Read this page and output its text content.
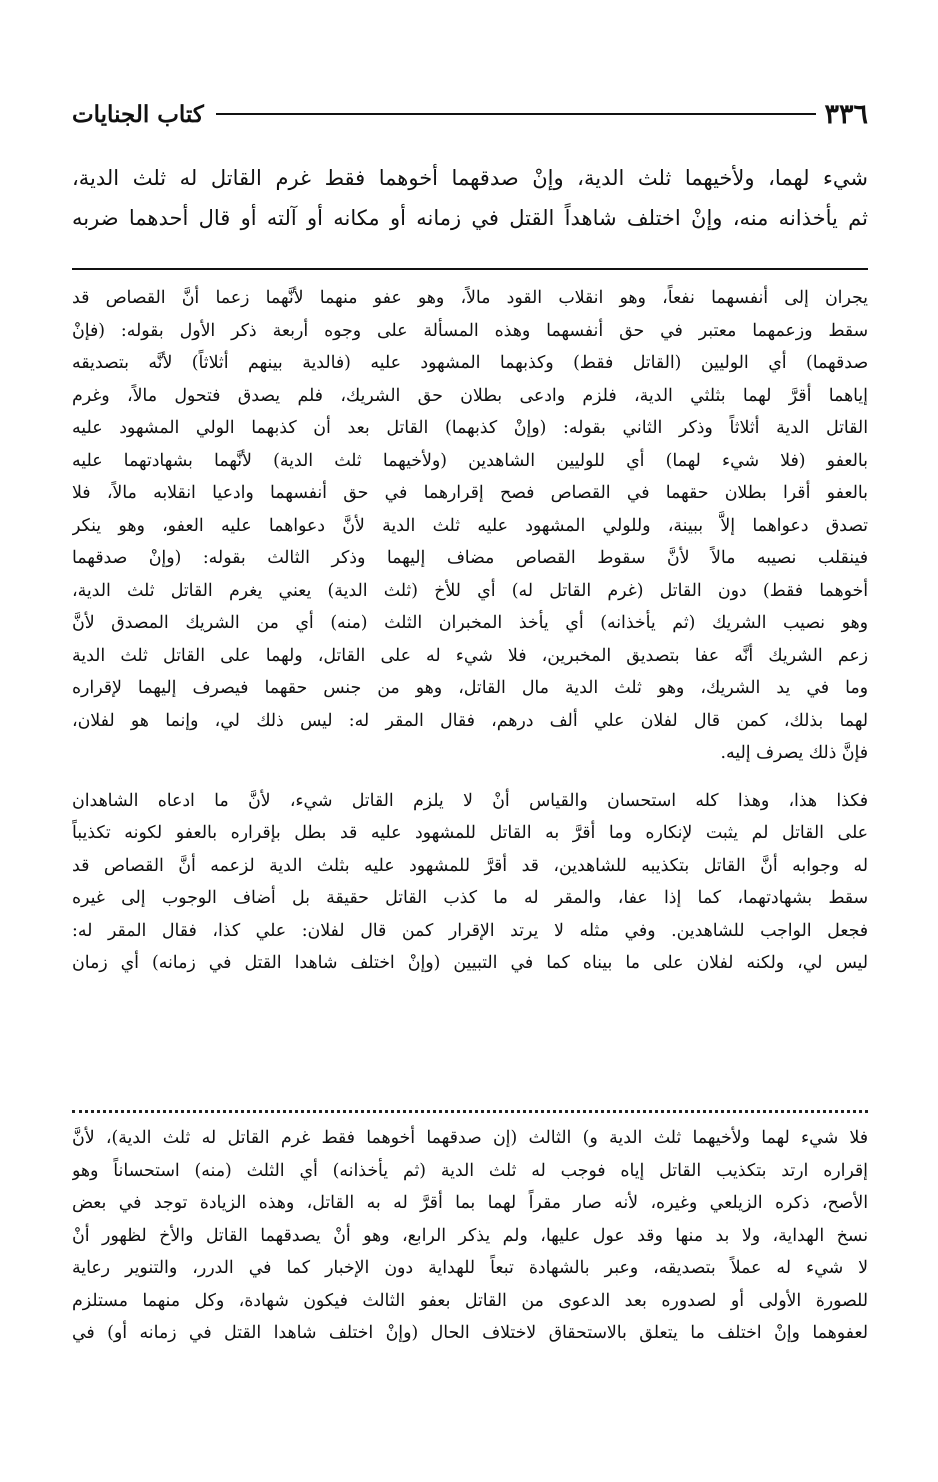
٣٣٦
كتاب الجنايات

شيء لهما، ولأخيهما ثلث الدية، وإنْ صدقهما أخوهما فقط غرم القاتل له ثلث الدية،

ثم يأخذانه منه، وإنْ اختلف شاهداً القتل في زمانه أو مكانه أو آلته أو قال أحدهما ضربه

يجران إلى أنفسهما نفعاً، وهو انقلاب القود مالاً، وهو عفو منهما لأنَّهما زعما أنَّ القصاص قد

سقط وزعمهما معتبر في حق أنفسهما وهذه المسألة على وجوه أربعة ذكر الأول بقوله: (فإنْ

صدقهما) أي الوليين (القاتل فقط) وكذبهما المشهود عليه (فالدية بينهم أثلاثاً) لأنَّه بتصديقه

إياهما أقرَّ لهما بثلثي الدية، فلزم وادعى بطلان حق الشريك، فلم يصدق فتحول مالاً، وغرم

القاتل الدية أثلاثاً وذكر الثاني بقوله: (وإنْ كذبهما) القاتل بعد أن كذبهما الولي المشهود عليه

بالعفو (فلا شيء لهما) أي للوليين الشاهدين (ولأخيهما ثلث الدية) لأنَّهما بشهادتهما عليه

بالعفو أقرا بطلان حقهما في القصاص فصح إقرارهما في حق أنفسهما وادعيا انقلابه مالاً، فلا

تصدق دعواهما إلاَّ ببينة، وللولي المشهود عليه ثلث الدية لأنَّ دعواهما عليه العفو، وهو ينكر

فينقلب نصيبه مالاً لأنَّ سقوط القصاص مضاف إليهما وذكر الثالث بقوله: (وإنْ صدقهما

أخوهما فقط) دون القاتل (غرم القاتل له) أي للأخ (ثلث الدية) يعني يغرم القاتل ثلث الدية،

وهو نصيب الشريك (ثم يأخذانه) أي يأخذ المخبران الثلث (منه) أي من الشريك المصدق لأنَّ

زعم الشريك أنَّه عفا بتصديق المخبرين، فلا شيء له على القاتل، ولهما على القاتل ثلث الدية

وما في يد الشريك، وهو ثلث الدية مال القاتل، وهو من جنس حقهما فيصرف إليهما لإقراره

لهما بذلك، كمن قال لفلان علي ألف درهم، فقال المقر له: ليس ذلك لي، وإنما هو لفلان،

فإنَّ ذلك يصرف إليه.

فكذا هذا، وهذا كله استحسان والقياس أنْ لا يلزم القاتل شيء، لأنَّ ما ادعاه الشاهدان

على القاتل لم يثبت لإنكاره وما أقرَّ به القاتل للمشهود عليه قد بطل بإقراره بالعفو لكونه تكذيباً

له وجوابه أنَّ القاتل بتكذيبه للشاهدين، قد أقرَّ للمشهود عليه بثلث الدية لزعمه أنَّ القصاص قد

سقط بشهادتهما، كما إذا عفا، والمقر له ما كذب القاتل حقيقة بل أضاف الوجوب إلى غيره

فجعل الواجب للشاهدين. وفي مثله لا يرتد الإقرار كمن قال لفلان: علي كذا، فقال المقر له:

ليس لي، ولكنه لفلان على ما بيناه كما في التبيين (وإنْ اختلف شاهدا القتل في زمانه) أي زمان

فلا شيء لهما ولأخيهما ثلث الدية و) الثالث (إن صدقهما أخوهما فقط غرم القاتل له ثلث الدية)، لأنَّ

إقراره ارتد بتكذيب القاتل إياه فوجب له ثلث الدية (ثم يأخذانه) أي الثلث (منه) استحساناً وهو

الأصح، ذكره الزيلعي وغيره، لأنه صار مقراً لهما بما أقرَّ له به القاتل، وهذه الزيادة توجد في بعض

نسخ الهداية، ولا بد منها وقد عول عليها، ولم يذكر الرابع، وهو أنْ يصدقهما القاتل والأخ لظهور أنْ

لا شيء له عملاً بتصديقه، وعبر بالشهادة تبعاً للهداية دون الإخبار كما في الدرر، والتنوير رعاية

للصورة الأولى أو لصدوره بعد الدعوى من القاتل بعفو الثالث فيكون شهادة، وكل منهما مستلزم

لعفوهما وإنْ اختلف ما يتعلق بالاستحقاق لاختلاف الحال (وإنْ اختلف شاهدا القتل في زمانه أو) في
